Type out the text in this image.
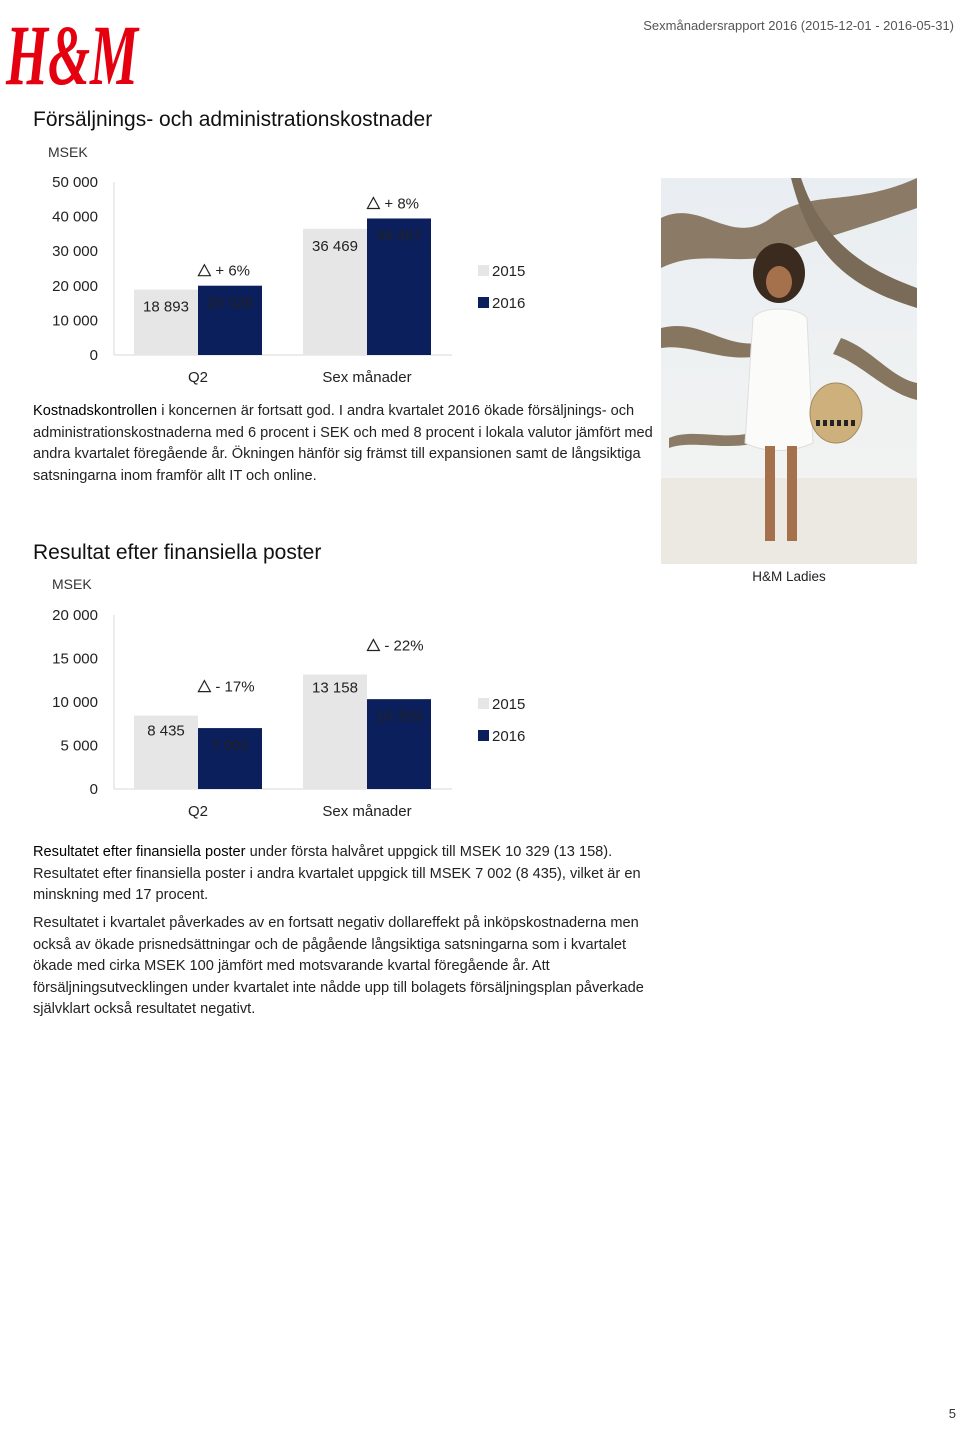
H&M	Sexmånadersrapport 2016 (2015-12-01 - 2016-05-31)
Försäljnings- och administrationskostnader
MSEK
0
10 000
20 000
30 000
40 000
50 000
18 893 20 028
+ 6%
Q2
36 469
39 457
+ 8%
Sex månader
2015
2016

Kostnadskontrollen i koncernen är fortsatt god. I andra kvartalet 2016 ökade försäljnings- och administrationskostnaderna med 6 procent i SEK och med 8 procent i lokala valutor jämfört med andra kvartalet föregående år. Ökningen hänför sig främst till expansionen samt de långsiktiga satsningarna inom framför allt IT och online.

Resultat efter finansiella poster
MSEK
0
5 000
10 000
15 000
20 000
8 435
7 002
- 17%
Q2
13 158
10 329
- 22%
Sex månader
2015
2016

Resultatet efter finansiella poster under första halvåret uppgick till MSEK 10 329 (13 158). Resultatet efter finansiella poster i andra kvartalet uppgick till MSEK 7 002 (8 435), vilket är en minskning med 17 procent.

Resultatet i kvartalet påverkades av en fortsatt negativ dollareffekt på inköpskostnaderna men också av ökade prisnedsättningar och de pågående långsiktiga satsningarna som i kvartalet ökade med cirka MSEK 100 jämfört med motsvarande kvartal föregående år. Att försäljningsutvecklingen under kvartalet inte nådde upp till bolagets försäljningsplan påverkade självklart också resultatet negativt.

H&M Ladies
5
